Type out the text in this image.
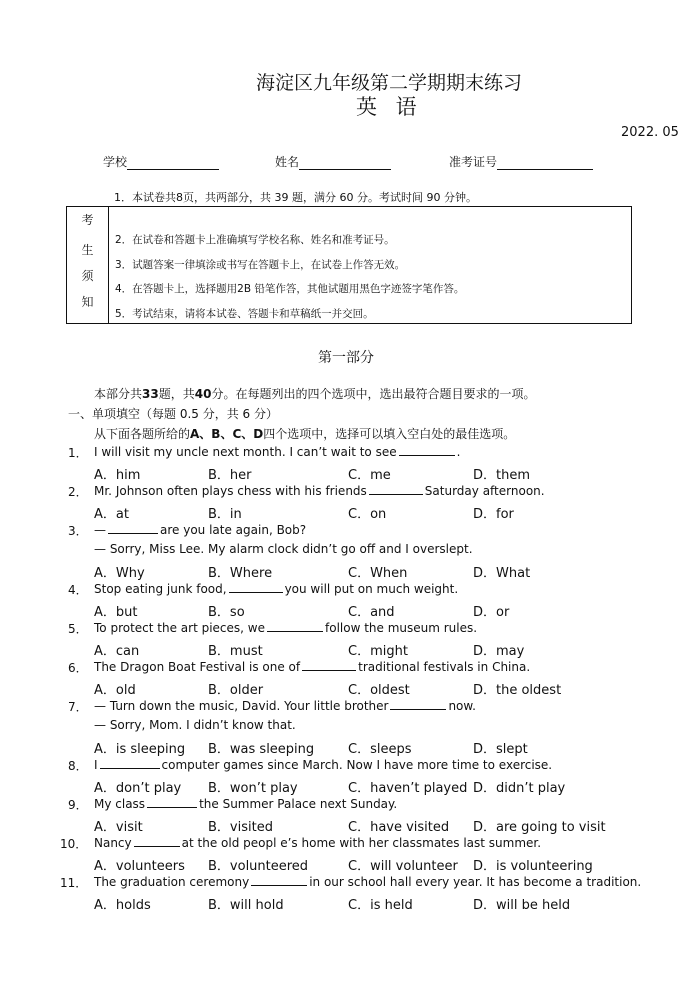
海淀区九年级第二学期期末练习
英 语
2022. 05
学校	姓名	准考证号
1．本试卷共8页，共两部分，共 39 题，满分 60 分。考试时间 90 分钟。
考
生
须
知
2．在试卷和答题卡上准确填写学校名称、姓名和准考证号。
3．试题答案一律填涂或书写在答题卡上，在试卷上作答无效。
4．在答题卡上，选择题用2B 铅笔作答，其他试题用黑色字迹签字笔作答。
5．考试结束，请将本试卷、答题卡和草稿纸一并交回。
第一部分
本部分共33题，共40分。在每题列出的四个选项中，选出最符合题目要求的一项。
一、单项填空（每题 0.5 分，共 6 分）
从下面各题所给的A、B、C、D四个选项中，选择可以填入空白处的最佳选项。
1． I will visit my uncle next month. I can’t wait to see	.
A．him	B．her	C．me	D．them
2． Mr. Johnson often plays chess with his friends	Saturday afternoon.
A．at	B．in	C．on	D．for
3． —	are you late again, Bob?
— Sorry, Miss Lee. My alarm clock didn’t go off and I overslept.
A．Why	B．Where	C．When	D．What
4． Stop eating junk food,	you will put on much weight.
A．but	B．so	C．and	D．or
5． To protect the art pieces, we	follow the museum rules.
A．can	B．must	C．might	D．may
6． The Dragon Boat Festival is one of	traditional festivals in China.
A．old	B．older	C．oldest	D．the oldest
7． — Turn down the music, David. Your little brother	now.
— Sorry, Mom. I didn’t know that.
A．is sleeping B．was sleeping	C．sleeps	D．slept
8． I	computer games since March. Now I have more time to exercise.
A．don’t play B．won’t play	C．haven’t played D．didn’t play
9． My class	the Summer Palace next Sunday.
A．visit	B．visited	C．have visited D．are going to visit
10． Nancy	at the old peopl e’s home with her classmates last summer.
A．volunteers B．volunteered	C．will volunteer D．is volunteering
11． The graduation ceremony	in our school hall every year. It has become a tradition.
A．holds	B．will hold	C．is held	D．will be held
